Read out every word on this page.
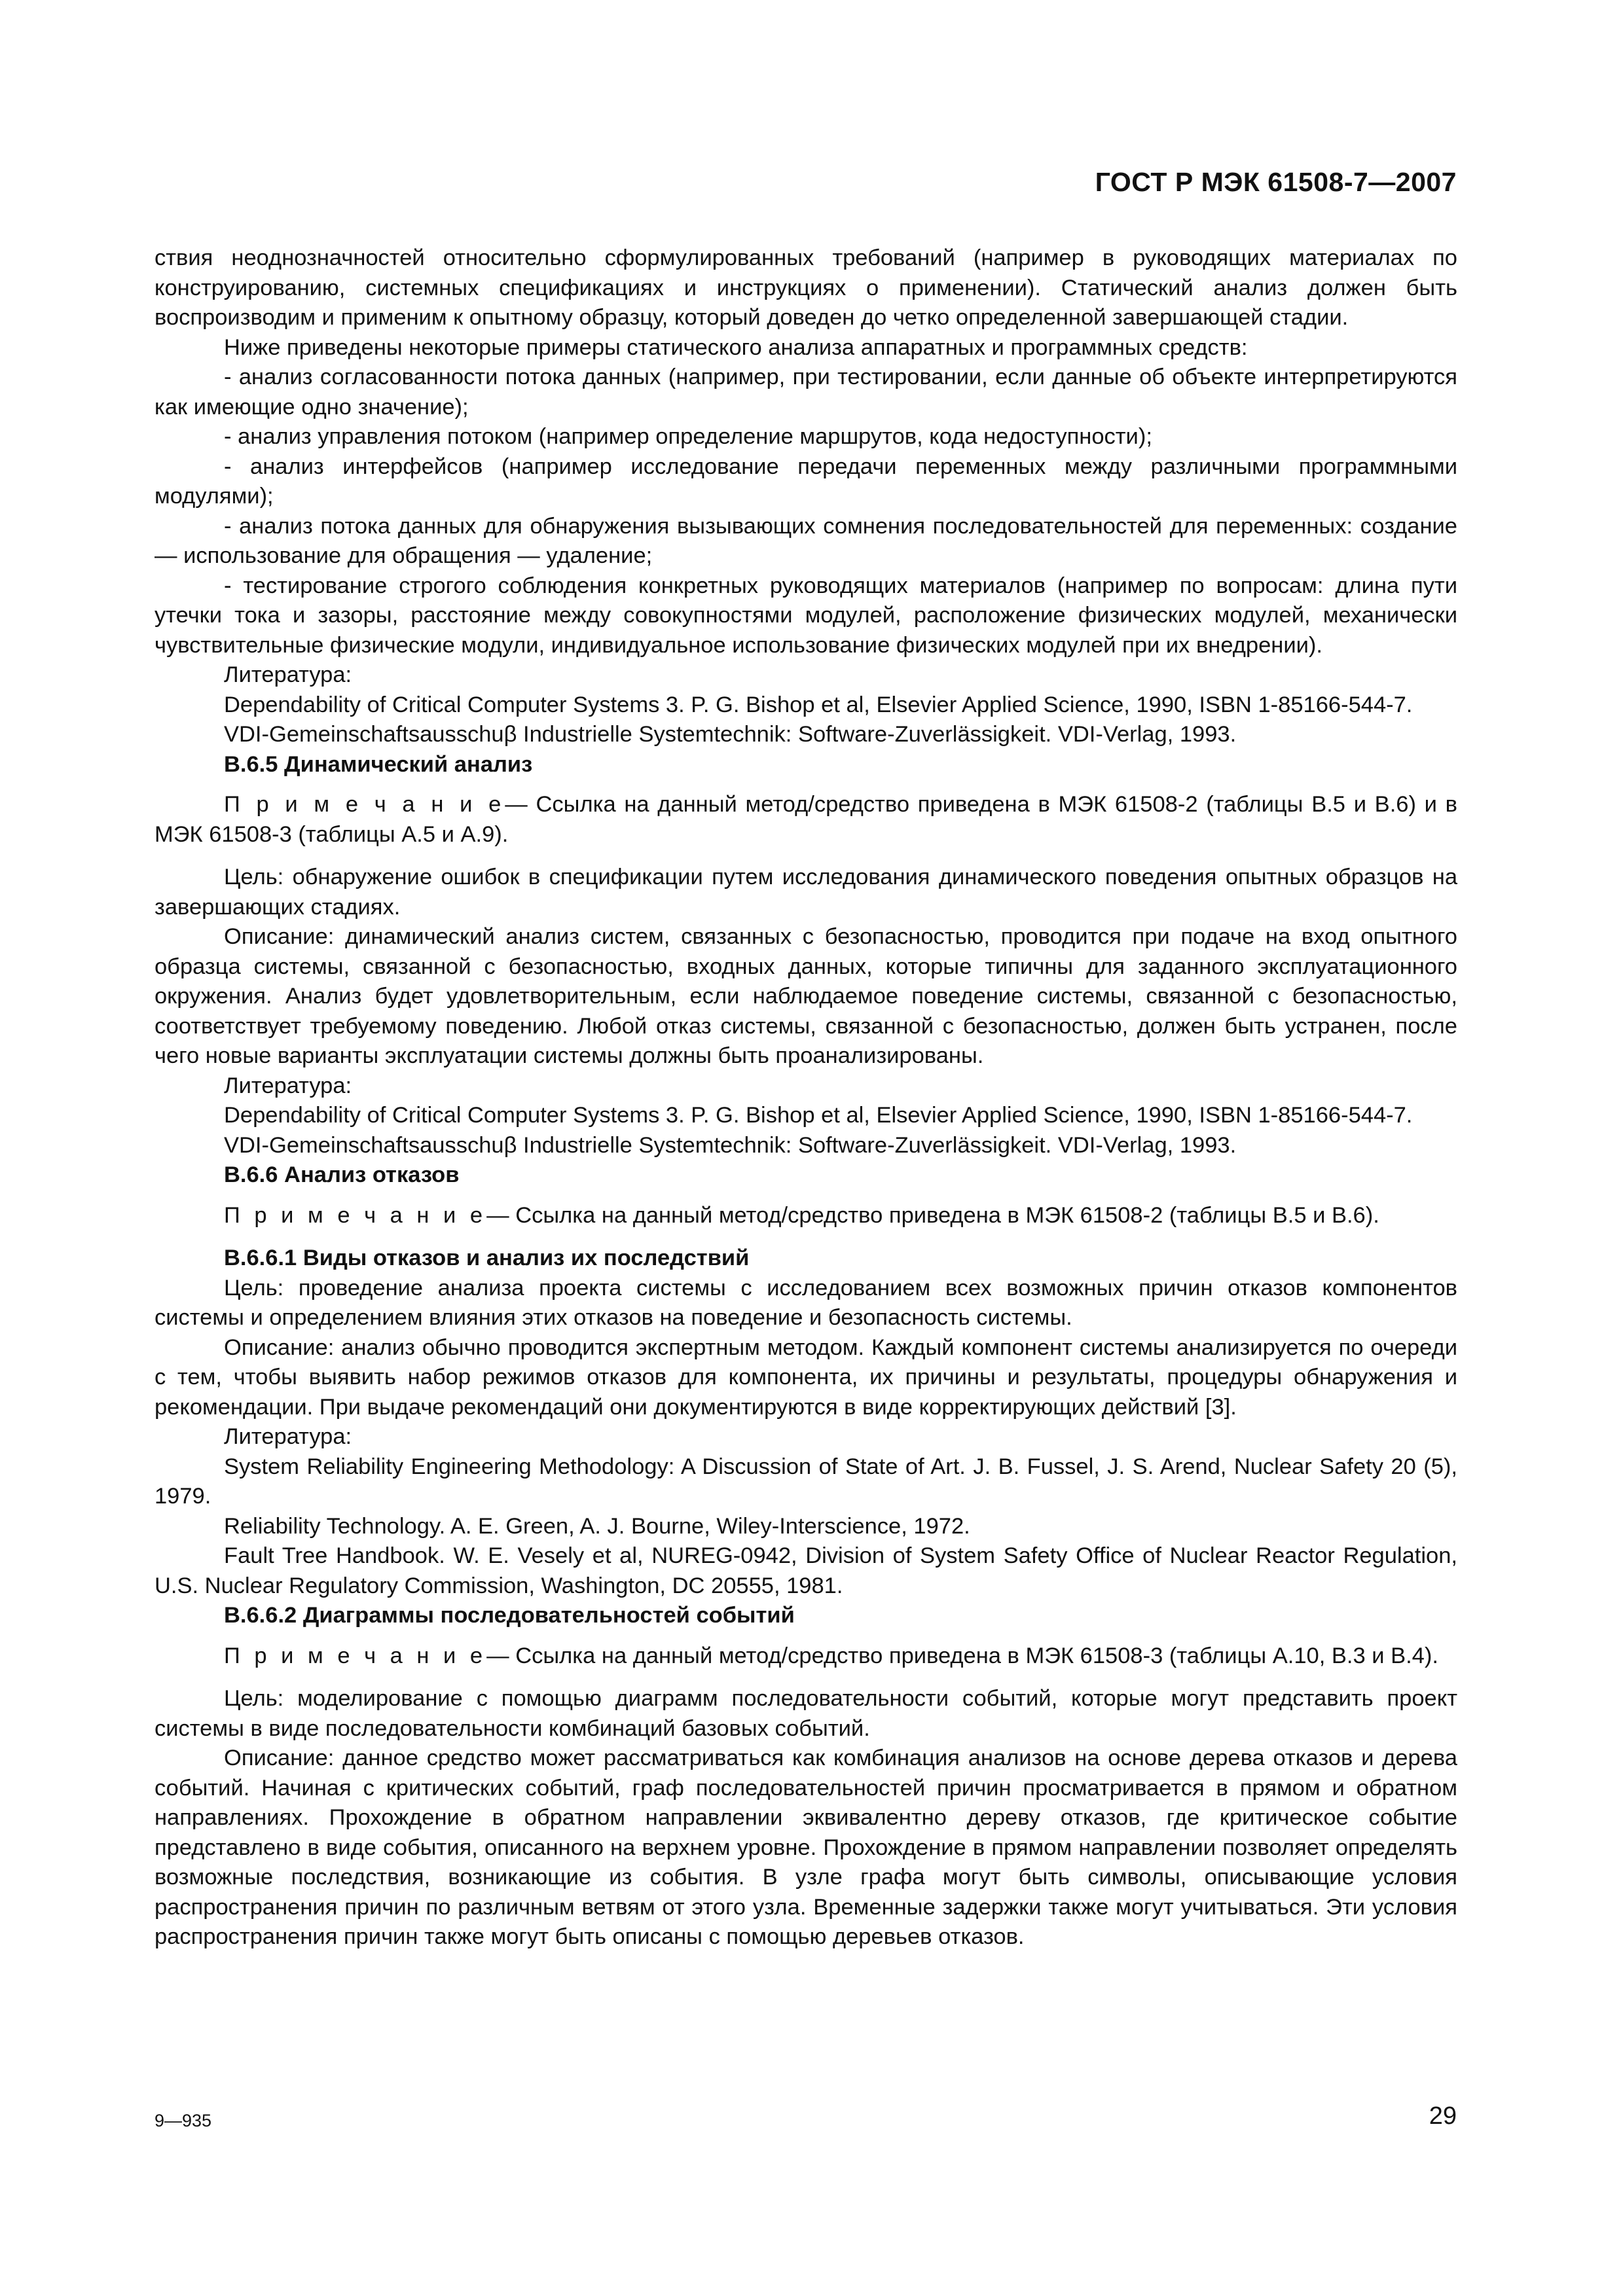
ГОСТ Р МЭК 61508-7—2007

ствия неоднозначностей относительно сформулированных требований (например в руководящих материалах по конструированию, системных спецификациях и инструкциях о применении). Статический анализ должен быть воспроизводим и применим к опытному образцу, который доведен до четко определенной завершающей стадии.

Ниже приведены некоторые примеры статического анализа аппаратных и программных средств:

- анализ согласованности потока данных (например, при тестировании, если данные об объекте интерпретируются как имеющие одно значение);

- анализ управления потоком (например определение маршрутов, кода недоступности);

- анализ интерфейсов (например исследование передачи переменных между различными программными модулями);

- анализ потока данных для обнаружения вызывающих сомнения последовательностей для переменных: создание — использование для обращения — удаление;

- тестирование строгого соблюдения конкретных руководящих материалов (например по вопросам: длина пути утечки тока и зазоры, расстояние между совокупностями модулей, расположение физических модулей, механически чувствительные физические модули, индивидуальное использование физических модулей при их внедрении).

Литература:

Dependability of Critical Computer Systems 3. P. G. Bishop et al, Elsevier Applied Science, 1990, ISBN 1-85166-544-7.

VDI-Gemeinschaftsausschuβ Industrielle Systemtechnik: Software-Zuverlässigkeit. VDI-Verlag, 1993.

В.6.5 Динамический анализ

П р и м е ч а н и е— Ссылка на данный метод/средство приведена в МЭК 61508-2 (таблицы В.5 и В.6) и в МЭК 61508-3 (таблицы А.5 и А.9).

Цель: обнаружение ошибок в спецификации путем исследования динамического поведения опытных образцов на завершающих стадиях.

Описание: динамический анализ систем, связанных с безопасностью, проводится при подаче на вход опытного образца системы, связанной с безопасностью, входных данных, которые типичны для заданного эксплуатационного окружения. Анализ будет удовлетворительным, если наблюдаемое поведение системы, связанной с безопасностью, соответствует требуемому поведению. Любой отказ системы, связанной с безопасностью, должен быть устранен, после чего новые варианты эксплуатации системы должны быть проанализированы.

Литература:

Dependability of Critical Computer Systems 3. P. G. Bishop et al, Elsevier Applied Science, 1990, ISBN 1-85166-544-7.

VDI-Gemeinschaftsausschuβ Industrielle Systemtechnik: Software-Zuverlässigkeit. VDI-Verlag, 1993.

В.6.6 Анализ отказов

П р и м е ч а н и е— Ссылка на данный метод/средство приведена в МЭК 61508-2 (таблицы В.5 и В.6).

В.6.6.1 Виды отказов и анализ их последствий

Цель: проведение анализа проекта системы с исследованием всех возможных причин отказов компонентов системы и определением влияния этих отказов на поведение и безопасность системы.

Описание: анализ обычно проводится экспертным методом. Каждый компонент системы анализируется по очереди с тем, чтобы выявить набор режимов отказов для компонента, их причины и результаты, процедуры обнаружения и рекомендации. При выдаче рекомендаций они документируются в виде корректирующих действий [3].

Литература:

System Reliability Engineering Methodology: A Discussion of State of Art. J. B. Fussel, J. S. Arend, Nuclear Safety 20 (5), 1979.

Reliability Technology. A. E. Green, A. J. Bourne, Wiley-Interscience, 1972.

Fault Tree Handbook. W. E. Vesely et al, NUREG-0942, Division of System Safety Office of Nuclear Reactor Regulation, U.S. Nuclear Regulatory Commission, Washington, DC 20555, 1981.

В.6.6.2 Диаграммы последовательностей событий

П р и м е ч а н и е— Ссылка на данный метод/средство приведена в МЭК 61508-3 (таблицы А.10, В.3 и В.4).

Цель: моделирование с помощью диаграмм последовательности событий, которые могут представить проект системы в виде последовательности комбинаций базовых событий.

Описание: данное средство может рассматриваться как комбинация анализов на основе дерева отказов и дерева событий. Начиная с критических событий, граф последовательностей причин просматривается в прямом и обратном направлениях. Прохождение в обратном направлении эквивалентно дереву отказов, где критическое событие представлено в виде события, описанного на верхнем уровне. Прохождение в прямом направлении позволяет определять возможные последствия, возникающие из события. В узле графа могут быть символы, описывающие условия распространения причин по различным ветвям от этого узла. Временные задержки также могут учитываться. Эти условия распространения причин также могут быть описаны с помощью деревьев отказов.

9—935	29
